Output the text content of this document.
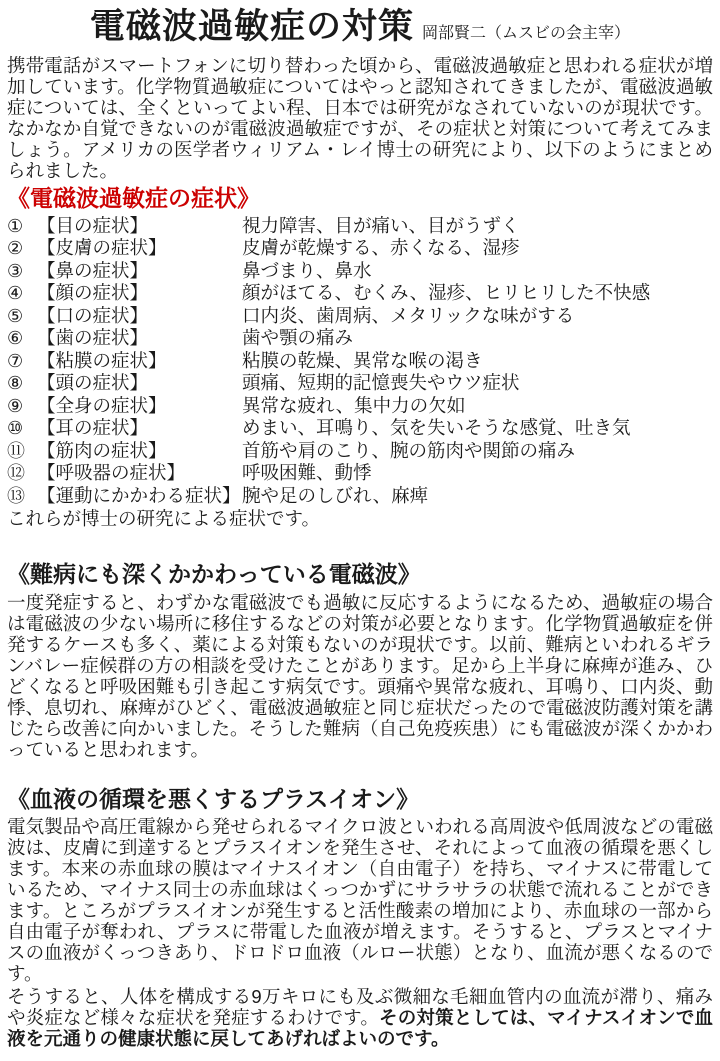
電磁波過敏症の対策 岡部賢二（ムスビの会主宰）

携帯電話がスマートフォンに切り替わった頃から、電磁波過敏症と思われる症状が増加しています。化学物質過敏症についてはやっと認知されてきましたが、電磁波過敏症については、全くといってよい程、日本では研究がなされていないのが現状です。なかなか自覚できないのが電磁波過敏症ですが、その症状と対策について考えてみましょう。アメリカの医学者ウィリアム・レイ博士の研究により、以下のようにまとめられました。

《電磁波過敏症の症状》
① 【目の症状】	視力障害、目が痛い、目がうずく
② 【皮膚の症状】	皮膚が乾燥する、赤くなる、湿疹
③ 【鼻の症状】	鼻づまり、鼻水
④ 【顔の症状】	顔がほてる、むくみ、湿疹、ヒリヒリした不快感
⑤ 【口の症状】	口内炎、歯周病、メタリックな味がする
⑥ 【歯の症状】	歯や顎の痛み
⑦ 【粘膜の症状】	粘膜の乾燥、異常な喉の渇き
⑧ 【頭の症状】	頭痛、短期的記憶喪失やウツ症状
⑨ 【全身の症状】	異常な疲れ、集中力の欠如
⑩ 【耳の症状】	めまい、耳鳴り、気を失いそうな感覚、吐き気
⑪ 【筋肉の症状】	首筋や肩のこり、腕の筋肉や関節の痛み
⑫ 【呼吸器の症状】	呼吸困難、動悸
⑬ 【運動にかかわる症状】 腕や足のしびれ、麻痺

これらが博士の研究による症状です。

《難病にも深くかかわっている電磁波》

一度発症すると、わずかな電磁波でも過敏に反応するようになるため、過敏症の場合は電磁波の少ない場所に移住するなどの対策が必要となります。化学物質過敏症を併発するケースも多く、薬による対策もないのが現状です。以前、難病といわれるギランバレー症候群の方の相談を受けたことがあります。足から上半身に麻痺が進み、ひどくなると呼吸困難も引き起こす病気です。頭痛や異常な疲れ、耳鳴り、口内炎、動悸、息切れ、麻痺がひどく、電磁波過敏症と同じ症状だったので電磁波防護対策を講じたら改善に向かいました。そうした難病（自己免疫疾患）にも電磁波が深くかかわっていると思われます。

《血液の循環を悪くするプラスイオン》

電気製品や高圧電線から発せられるマイクロ波といわれる高周波や低周波などの電磁波は、皮膚に到達するとプラスイオンを発生させ、それによって血液の循環を悪くします。本来の赤血球の膜はマイナスイオン（自由電子）を持ち、マイナスに帯電しているため、マイナス同士の赤血球はくっつかずにサラサラの状態で流れることができます。ところがプラスイオンが発生すると活性酸素の増加により、赤血球の一部から自由電子が奪われ、プラスに帯電した血液が増えます。そうすると、プラスとマイナスの血液がくっつきあり、ドロドロ血液（ルロー状態）となり、血流が悪くなるのです。

そうすると、人体を構成する9万キロにも及ぶ微細な毛細血管内の血流が滞り、痛みや炎症など様々な症状を発症するわけです。その対策としては、マイナスイオンで血液を元通りの健康状態に戻してあげればよいのです。
